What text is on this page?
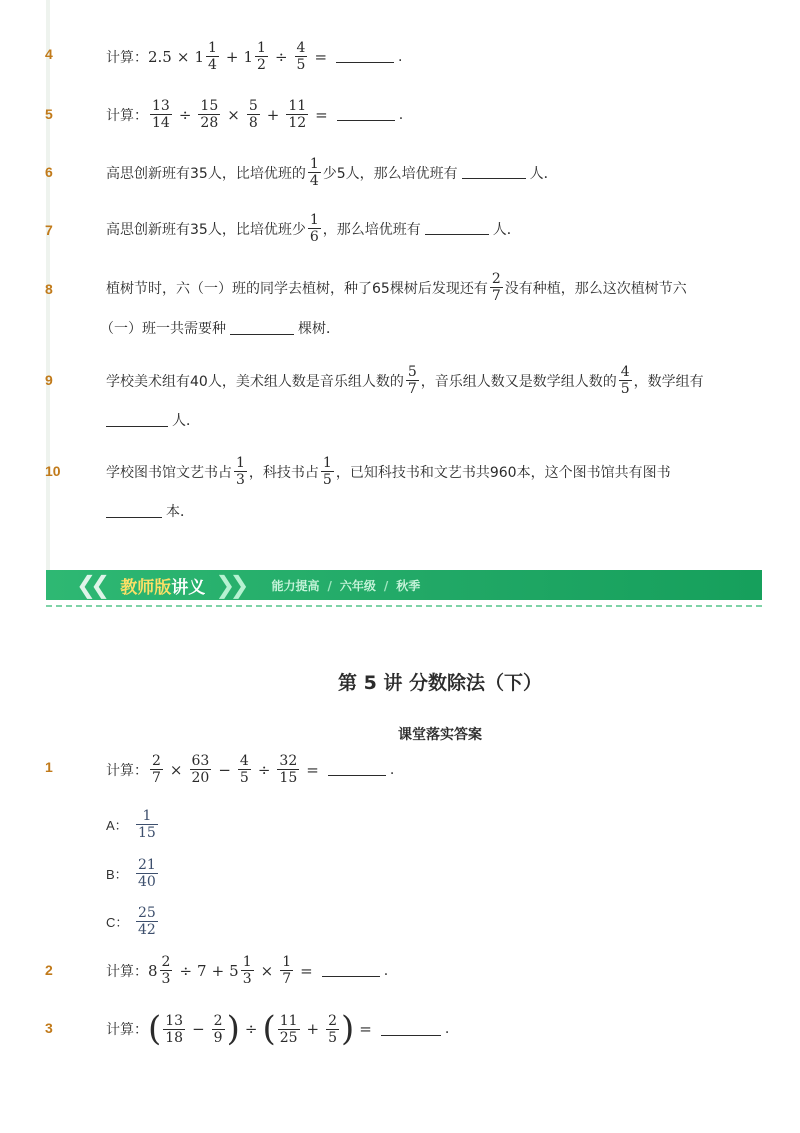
4	计算： $2.5 \times 1 \frac{1}{4} + 1 \frac{1}{2} \div \frac{4}{5}$ =	.
5	计算： $\frac{13}{14} \div \frac{15}{28} \times \frac{5}{8} + \frac{11}{12}$ =	.
6	高思创新班有35人，比培优班的 $\frac{1}{4}$ 少5人，那么培优班有	人．
7	高思创新班有35人，比培优班少 $\frac{1}{6}$ ，那么培优班有	人．
8	植树节时，六（一）班的同学去植树，种了65棵树后发现还有 $\frac{2}{7}$ 没有种植，那么这次植树节六
（一）班一共需要种	棵树．
9	学校美术组有40人，美术组人数是音乐组人数的 $\frac{5}{7}$ ，音乐组人数又是数学组人数的 $\frac{4}{5}$ ，数学组有
人．
10	学校图书馆文艺书占 $\frac{1}{3}$ ，科技书占 $\frac{1}{5}$ ，已知科技书和文艺书共960本，这个图书馆共有图书
本．
❮❮ 教师版讲义 ❯❯ 能力提高 / 六年级 / 秋季
第 5 讲 分数除法（下）
课堂落实答案
1	计算： $\frac{2}{7} \times \frac{63}{20} - \frac{4}{5} \div \frac{32}{15}$ =	.
A： $\frac{1}{15}$
B： $\frac{21}{40}$
C： $\frac{25}{42}$
2	计算： $8 \frac{2}{3} \div 7 + 5 \frac{1}{3} \times \frac{1}{7}$ =	.
3	计算： ( $\frac{13}{18} - \frac{2}{9}$ ) ÷ ( $\frac{11}{25} + \frac{2}{5}$ ) =	.
